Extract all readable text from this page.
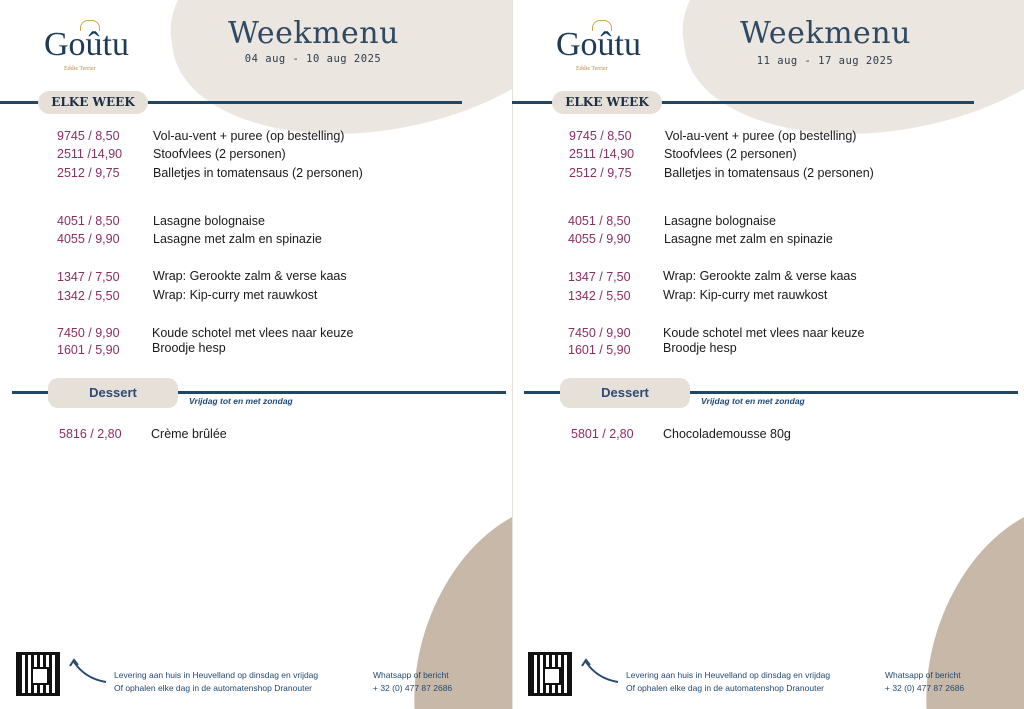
Goûtu
Eddie Terrier
Weekmenu
04 aug - 10 aug 2025
ELKE WEEK
9745 / 8,50	Vol-au-vent + puree (op bestelling)
2511 /14,90 Stoofvlees (2 personen)
2512 / 9,75	Balletjes in tomatensaus (2 personen)
4051 / 8,50	Lasagne bolognaise
4055 / 9,90	Lasagne met zalm en spinazie
1347 / 7,50	Wrap: Gerookte zalm & verse kaas
1342 / 5,50	Wrap: Kip-curry met rauwkost
7450 / 9,90	Koude schotel met vlees naar keuze
1601 / 5,90	Broodje hesp
Dessert
Vrijdag tot en met zondag
5816 / 2,80 Crème brûlée
Levering aan huis in Heuvelland op dinsdag en vrijdag
Of ophalen elke dag in de automatenshop Dranouter
Whatsapp of bericht
+ 32 (0) 477 87 2686
Goûtu
Eddie Terrier
Weekmenu
11 aug - 17 aug 2025
ELKE WEEK
9745 / 8,50	Vol-au-vent + puree (op bestelling)
2511 /14,90 Stoofvlees (2 personen)
2512 / 9,75	Balletjes in tomatensaus (2 personen)
4051 / 8,50	Lasagne bolognaise
4055 / 9,90	Lasagne met zalm en spinazie
1347 / 7,50	Wrap: Gerookte zalm & verse kaas
1342 / 5,50	Wrap: Kip-curry met rauwkost
7450 / 9,90	Koude schotel met vlees naar keuze
1601 / 5,90	Broodje hesp
Dessert
Vrijdag tot en met zondag
5801 / 2,80 Chocolademousse 80g
Levering aan huis in Heuvelland op dinsdag en vrijdag
Of ophalen elke dag in de automatenshop Dranouter
Whatsapp of bericht
+ 32 (0) 477 87 2686
